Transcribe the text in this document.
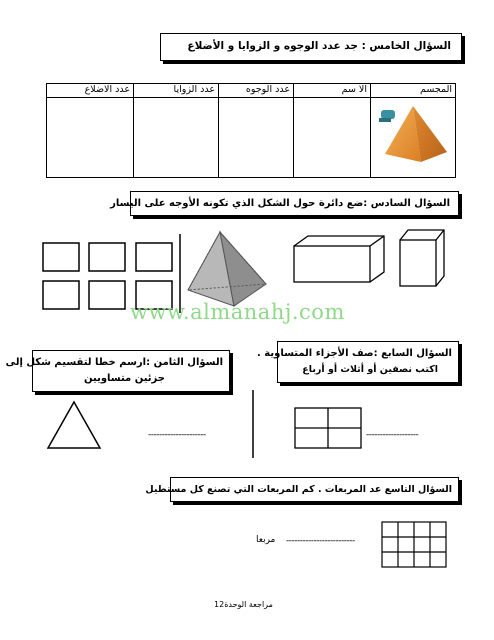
السؤال الخامس : جد عدد الوجوه و الزوايا و الأضلاع
المجسم	الا سم	عدد الوجوه	عدد الزوايا	عدد الاضلاع

السؤال السادس :ضع دائرة حول الشكل الذي تكونه الأوجه على اليسار
www.almanahj.com
السؤال السابع :صف الأجزاء المتساوية .
اكتب نصفين أو أثلاث أو أرباع
السؤال الثامن :ارسم خطا لتقسيم شكل إلى
جزئين متساويين
---------------------	-------------------
السؤال التاسع عد المربعات . كم المربعات التي تصنع كل مستطيل
-------------------------
مربعا
مراجعة الوحدة12
